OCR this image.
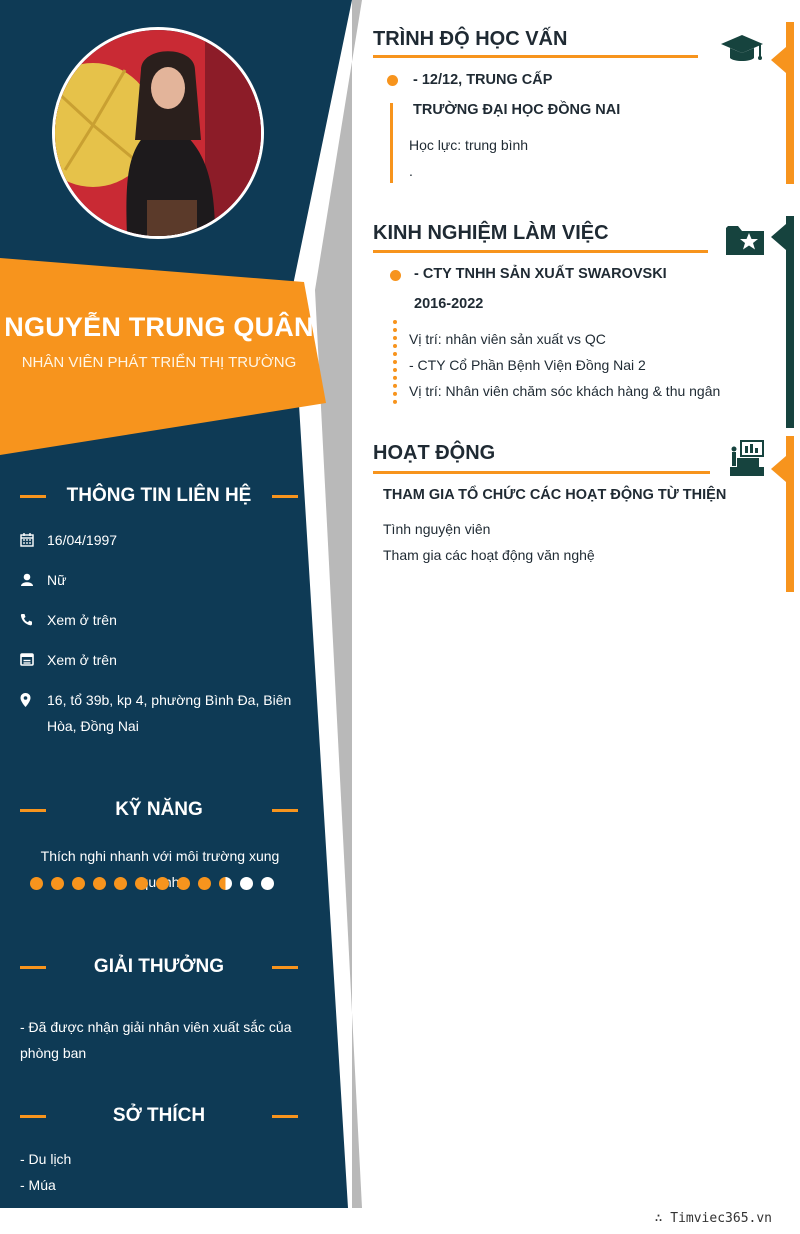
NGUYỄN TRUNG QUÂN
NHÂN VIÊN PHÁT TRIỂN THỊ TRƯỜNG
THÔNG TIN LIÊN HỆ
16/04/1997
Nữ
Xem ở trên
Xem ở trên
16, tổ 39b, kp 4, phường Bình Đa, Biên
Hòa, Đồng Nai
KỸ NĂNG
Thích nghi nhanh với môi trường xung
GIẢI THƯỞNG
- Đã được nhận giải nhân viên xuất sắc của
phòng ban
SỞ THÍCH
- Du lịch
- Múa
TRÌNH ĐỘ HỌC VẤN
- 12/12, TRUNG CẤP
TRƯỜNG ĐẠI HỌC ĐỒNG NAI
Học lực: trung bình
.
KINH NGHIỆM LÀM VIỆC
- CTY TNHH SẢN XUẤT SWAROVSKI
2016-2022
Vị trí: nhân viên sản xuất vs QC
- CTY Cổ Phần Bệnh Viện Đồng Nai 2
Vị trí: Nhân viên chăm sóc khách hàng & thu ngân
HOẠT ĐỘNG
THAM GIA TỔ CHỨC CÁC HOẠT ĐỘNG TỪ THIỆN
Tình nguyện viên
Tham gia các hoạt động văn nghệ
∴ Timviec365.vn
